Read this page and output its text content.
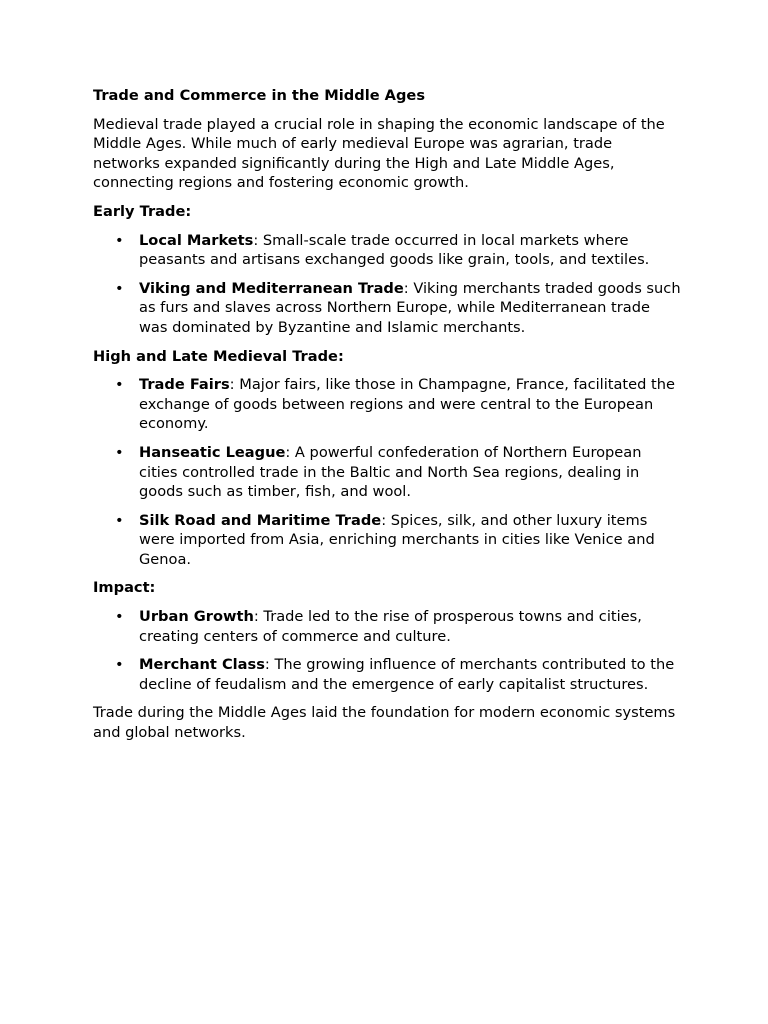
Trade and Commerce in the Middle Ages

Medieval trade played a crucial role in shaping the economic landscape of the Middle Ages. While much of early medieval Europe was agrarian, trade networks expanded significantly during the High and Late Middle Ages, connecting regions and fostering economic growth.

Early Trade:
• Local Markets: Small-scale trade occurred in local markets where peasants and artisans exchanged goods like grain, tools, and textiles.
• Viking and Mediterranean Trade: Viking merchants traded goods such as furs and slaves across Northern Europe, while Mediterranean trade was dominated by Byzantine and Islamic merchants.
High and Late Medieval Trade:
• Trade Fairs: Major fairs, like those in Champagne, France, facilitated the exchange of goods between regions and were central to the European economy.
• Hanseatic League: A powerful confederation of Northern European cities controlled trade in the Baltic and North Sea regions, dealing in goods such as timber, fish, and wool.
• Silk Road and Maritime Trade: Spices, silk, and other luxury items were imported from Asia, enriching merchants in cities like Venice and Genoa.
Impact:
• Urban Growth: Trade led to the rise of prosperous towns and cities, creating centers of commerce and culture.
• Merchant Class: The growing influence of merchants contributed to the decline of feudalism and the emergence of early capitalist structures.

Trade during the Middle Ages laid the foundation for modern economic systems and global networks.
